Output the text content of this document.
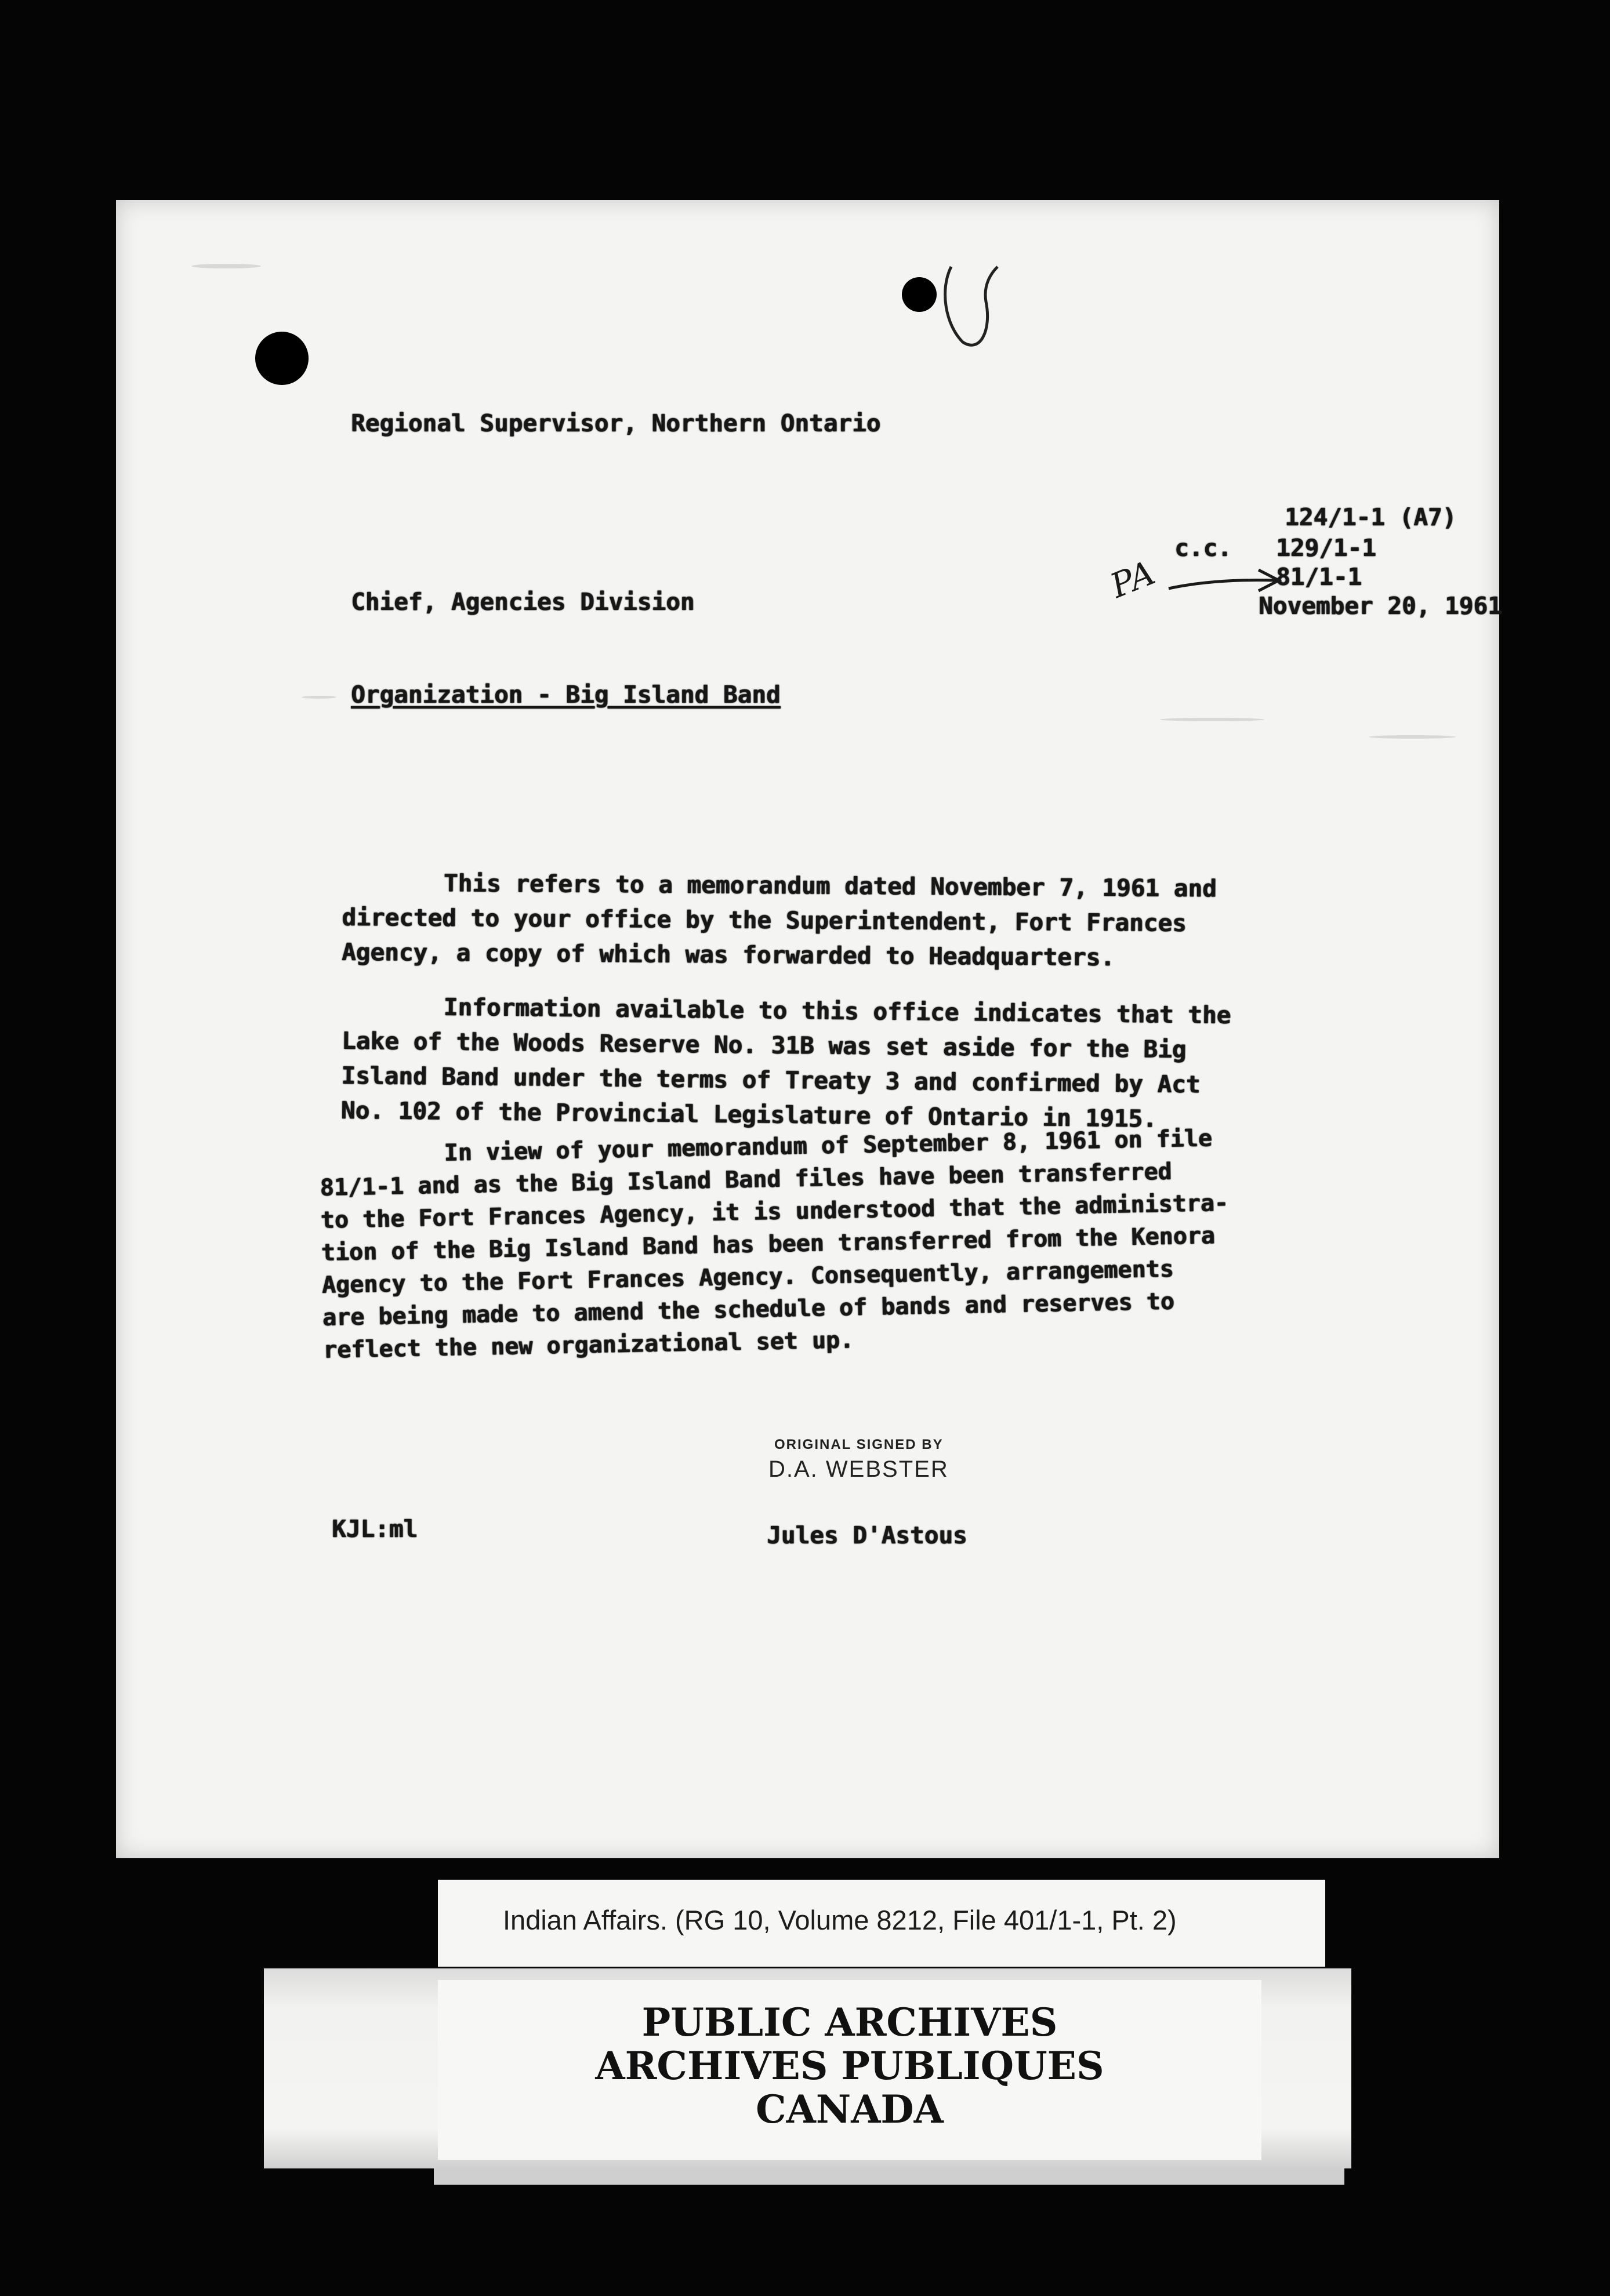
Regional Supervisor, Northern Ontario
124/1-1 (A7)
c.c. 129/1-1
81/1-1
PA
Chief, Agencies Division	November 20, 1961
Organization - Big Island Band
This refers to a memorandum dated November 7, 1961 and
directed to your office by the Superintendent, Fort Frances
Agency, a copy of which was forwarded to Headquarters.
Information available to this office indicates that the
Lake of the Woods Reserve No. 31B was set aside for the Big
Island Band under the terms of Treaty 3 and confirmed by Act
No. 102 of the Provincial Legislature of Ontario in 1915.
In view of your memorandum of September 8, 1961 on file
81/1-1 and as the Big Island Band files have been transferred
to the Fort Frances Agency, it is understood that the administra-
tion of the Big Island Band has been transferred from the Kenora
Agency to the Fort Frances Agency. Consequently, arrangements
are being made to amend the schedule of bands and reserves to
reflect the new organizational set up.
ORIGINAL SIGNED BY
D.A. WEBSTER
KJL:ml	Jules D'Astous
Indian Affairs. (RG 10, Volume 8212, File 401/1-1, Pt. 2)
PUBLIC ARCHIVES
ARCHIVES PUBLIQUES
CANADA
